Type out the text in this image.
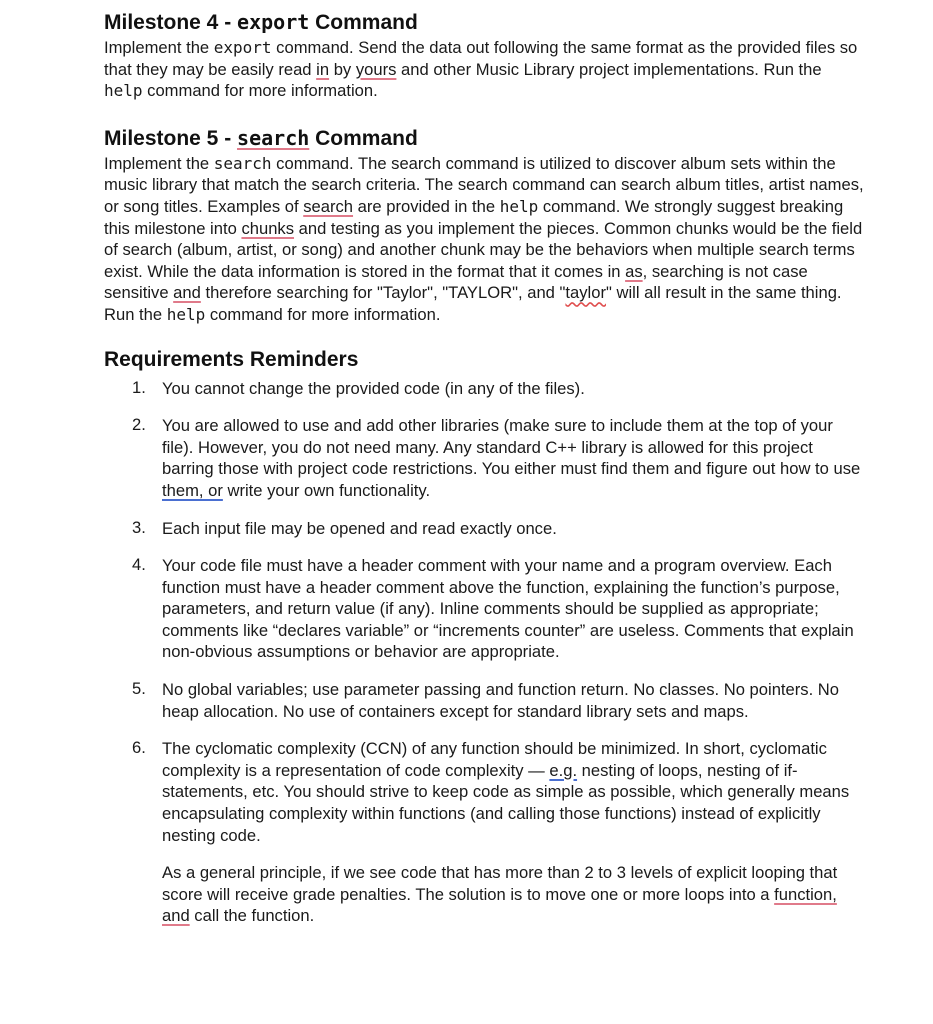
Milestone 4 - export Command

Implement the export command. Send the data out following the same format as the provided files so that they may be easily read in by yours and other Music Library project implementations. Run the help command for more information.

Milestone 5 - search Command

Implement the search command. The search command is utilized to discover album sets within the music library that match the search criteria. The search command can search album titles, artist names, or song titles. Examples of search are provided in the help command. We strongly suggest breaking this milestone into chunks and testing as you implement the pieces. Common chunks would be the field of search (album, artist, or song) and another chunk may be the behaviors when multiple search terms exist. While the data information is stored in the format that it comes in as, searching is not case sensitive and therefore searching for "Taylor", "TAYLOR", and "taylor" will all result in the same thing. Run the help command for more information.

Requirements Reminders
1. You cannot change the provided code (in any of the files).

2. You are allowed to use and add other libraries (make sure to include them at the top of your file). However, you do not need many. Any standard C++ library is allowed for this project barring those with project code restrictions. You either must find them and figure out how to use them, or write your own functionality.

3. Each input file may be opened and read exactly once.

4. Your code file must have a header comment with your name and a program overview. Each function must have a header comment above the function, explaining the function’s purpose, parameters, and return value (if any). Inline comments should be supplied as appropriate; comments like “declares variable” or “increments counter” are useless. Comments that explain non-obvious assumptions or behavior are appropriate.

5. No global variables; use parameter passing and function return. No classes. No pointers. No heap allocation. No use of containers except for standard library sets and maps.

6. The cyclomatic complexity (CCN) of any function should be minimized. In short, cyclomatic complexity is a representation of code complexity — e.g. nesting of loops, nesting of if-statements, etc. You should strive to keep code as simple as possible, which generally means encapsulating complexity within functions (and calling those functions) instead of explicitly nesting code.

As a general principle, if we see code that has more than 2 to 3 levels of explicit looping that score will receive grade penalties. The solution is to move one or more loops into a function, and call the function.
